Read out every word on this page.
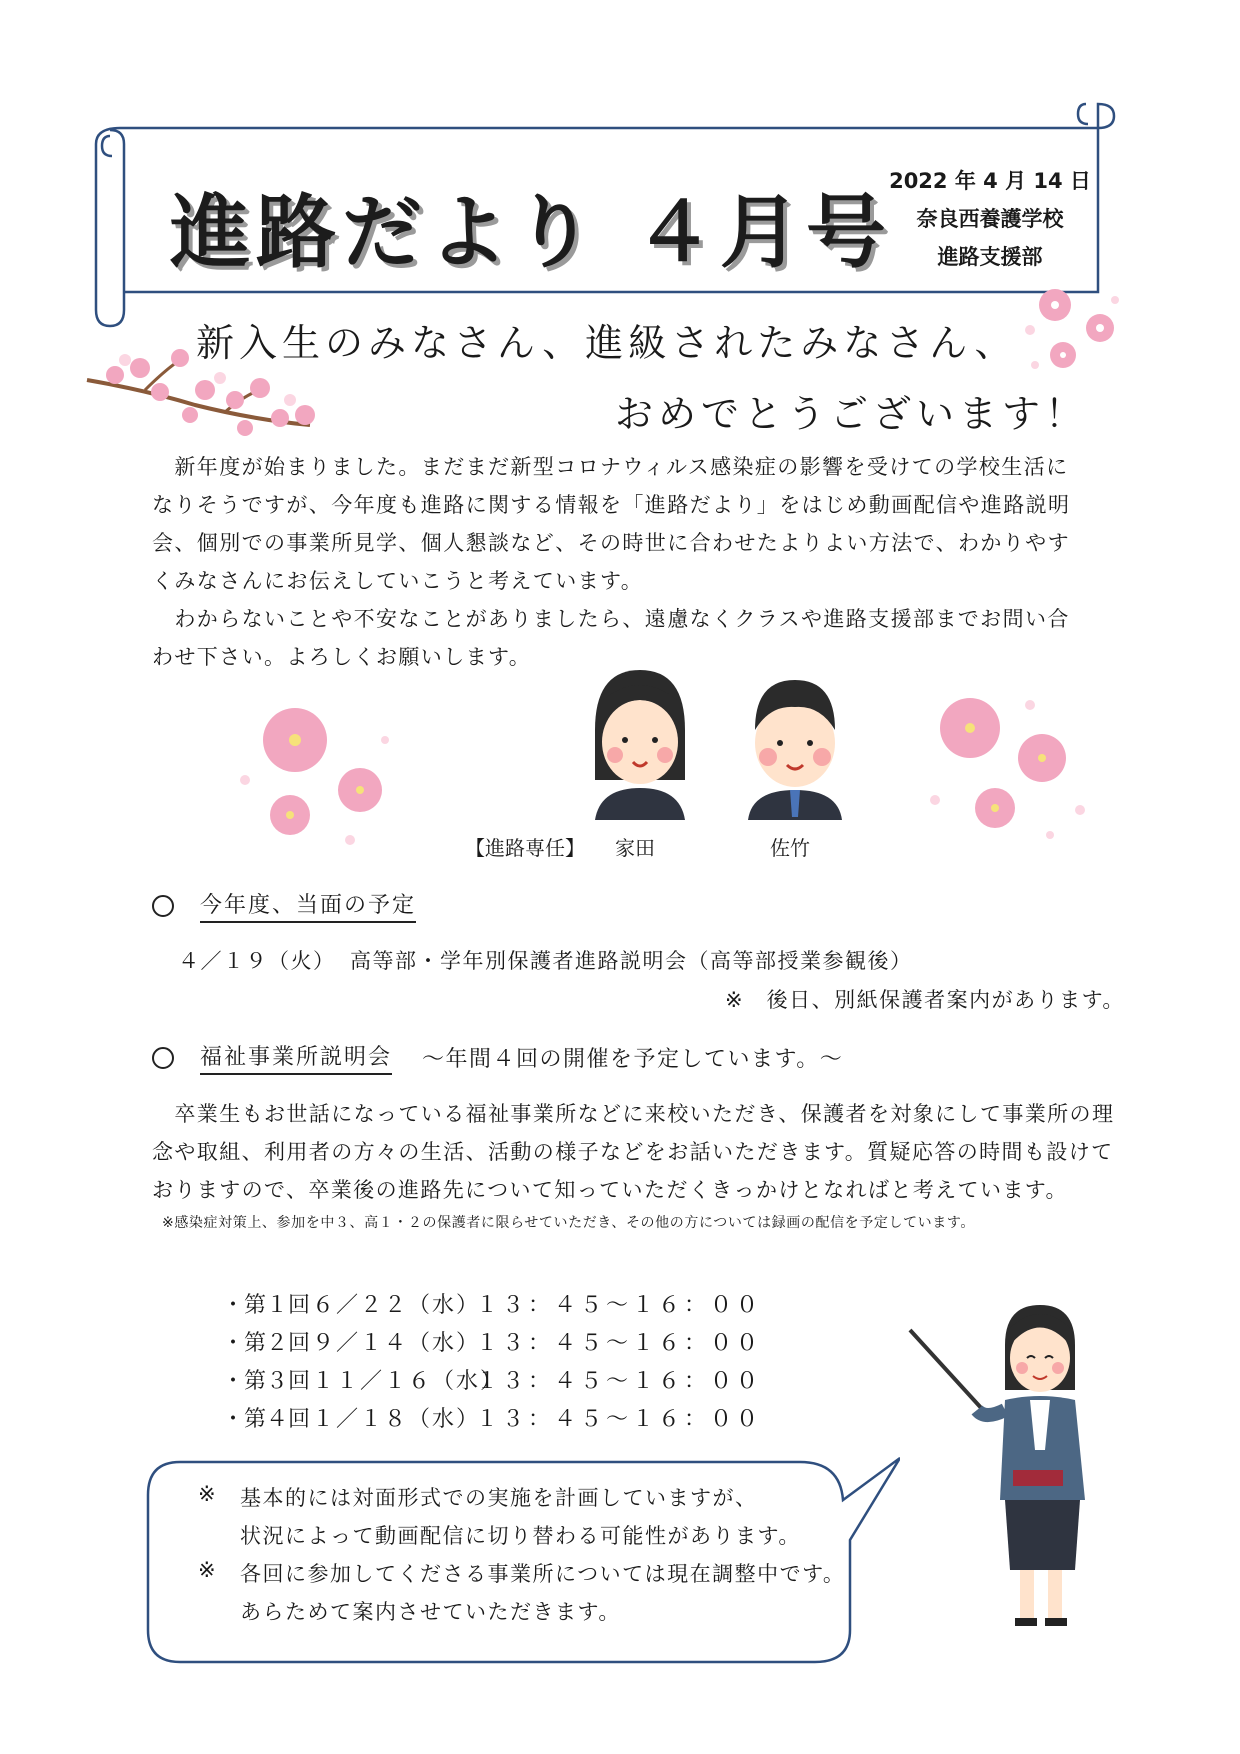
進路だより ４月号
2022 年 4 月 14 日
奈良西養護学校
進路支援部
新入生のみなさん、進級されたみなさん、
おめでとうございます！
　新年度が始まりました。まだまだ新型コロナウィルス感染症の影響を受けての学校生活に
なりそうですが、今年度も進路に関する情報を「進路だより」をはじめ動画配信や進路説明
会、個別での事業所見学、個人懇談など、その時世に合わせたよりよい方法で、わかりやす
くみなさんにお伝えしていこうと考えています。
　わからないことや不安なことがありましたら、遠慮なくクラスや進路支援部までお問い合
わせ下さい。よろしくお願いします。
【進路専任】 家田	佐竹
今年度、当面の予定
４／１９（火） 高等部・学年別保護者進路説明会（高等部授業参観後）
※　後日、別紙保護者案内があります。
福祉事業所説明会 ～年間４回の開催を予定しています。～
　卒業生もお世話になっている福祉事業所などに来校いただき、保護者を対象にして事業所の理
念や取組、利用者の方々の生活、活動の様子などをお話いただきます。質疑応答の時間も設けて
おりますので、卒業後の進路先について知っていただくきっかけとなればと考えています。
※感染症対策上、参加を中３、高１・２の保護者に限らせていただき、その他の方については録画の配信を予定しています。
・第１回 ６／２２（水）
１３：４５～１６：００
・第２回 ９／１４（水）
１３：４５～１６：００
・第３回 １１／１６（水）
１３：４５～１６：００
・第４回 １／１８（水）
１３：４５～１６：００
※ 基本的には対面形式での実施を計画していますが、
状況によって動画配信に切り替わる可能性があります。
※ 各回に参加してくださる事業所については現在調整中です。
あらためて案内させていただきます。
